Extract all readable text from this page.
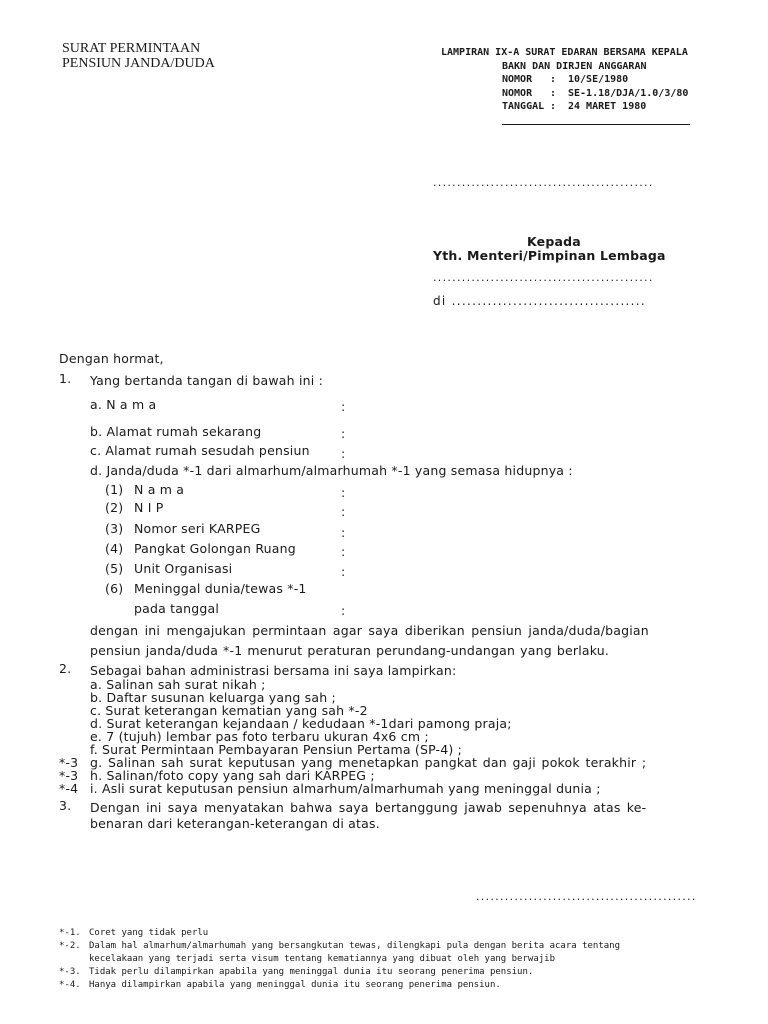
SURAT PERMINTAAN
PENSIUN JANDA/DUDA
LAMPIRAN IX-A SURAT EDARAN BERSAMA KEPALA
BAKN DAN DIRJEN ANGGARAN
NOMOR : 10/SE/1980
NOMOR : SE-1.18/DJA/1.0/3/80
TANGGAL : 24 MARET 1980
..............................................
Kepada
Yth. Menteri/Pimpinan Lembaga
..............................................
di ......................................
Dengan hormat,
1. Yang bertanda tangan di bawah ini :
a. N a m a	:
b. Alamat rumah sekarang	:
c. Alamat rumah sesudah pensiun	:
d. Janda/duda *-1 dari almarhum/almarhumah *-1 yang semasa hidupnya :
(1) N a m a	:
(2) N I P	:
(3) Nomor seri KARPEG	:
(4) Pangkat Golongan Ruang	:
(5) Unit Organisasi	:
(6) Meninggal dunia/tewas *-1
pada tanggal	:
dengan ini mengajukan permintaan agar saya diberikan pensiun janda/duda/bagian
pensiun janda/duda *-1 menurut peraturan perundang-undangan yang berlaku.
2. Sebagai bahan administrasi bersama ini saya lampirkan:
a. Salinan sah surat nikah ;
b. Daftar susunan keluarga yang sah ;
c. Surat keterangan kematian yang sah *-2
d. Surat keterangan kejandaan / kedudaan *-1dari pamong praja;
e. 7 (tujuh) lembar pas foto terbaru ukuran 4x6 cm ;
f. Surat Permintaan Pembayaran Pensiun Pertama (SP-4) ;
*-3 g. Salinan sah surat keputusan yang menetapkan pangkat dan gaji pokok terakhir ;
*-3 h. Salinan/foto copy yang sah dari KARPEG ;
*-4 i. Asli surat keputusan pensiun almarhum/almarhumah yang meninggal dunia ;
3. Dengan ini saya menyatakan bahwa saya bertanggung jawab sepenuhnya atas ke-
benaran dari keterangan-keterangan di atas.
..............................................
*-1. Coret yang tidak perlu
*-2. Dalam hal almarhum/almarhumah yang bersangkutan tewas, dilengkapi pula dengan berita acara tentang
kecelakaan yang terjadi serta visum tentang kematiannya yang dibuat oleh yang berwajib
*-3. Tidak perlu dilampirkan apabila yang meninggal dunia itu seorang penerima pensiun.
*-4. Hanya dilampirkan apabila yang meninggal dunia itu seorang penerima pensiun.
